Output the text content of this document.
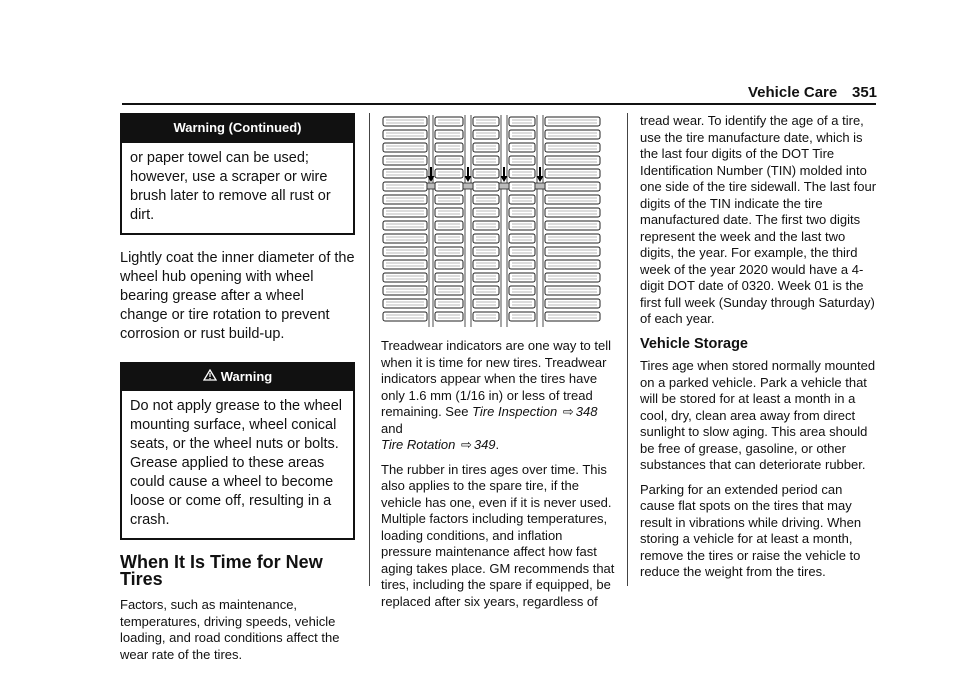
Vehicle Care 351
Warning (Continued)
or paper towel can be used; however, use a scraper or wire brush later to remove all rust or dirt.
Lightly coat the inner diameter of the wheel hub opening with wheel bearing grease after a wheel change or tire rotation to prevent corrosion or rust build-up.
Warning
Do not apply grease to the wheel mounting surface, wheel conical seats, or the wheel nuts or bolts. Grease applied to these areas could cause a wheel to become loose or come off, resulting in a crash.
When It Is Time for New Tires
Factors, such as maintenance, temperatures, driving speeds, vehicle loading, and road conditions affect the wear rate of the tires.

Treadwear indicators are one way to tell when it is time for new tires. Treadwear indicators appear when the tires have only 1.6 mm (1/16 in) or less of tread remaining. See Tire Inspection ⇨ 348 and
Tire Rotation ⇨ 349.

The rubber in tires ages over time. This also applies to the spare tire, if the vehicle has one, even if it is never used. Multiple factors including temperatures, loading conditions, and inflation pressure maintenance affect how fast aging takes place. GM recommends that tires, including the spare if equipped, be replaced after six years, regardless of

tread wear. To identify the age of a tire, use the tire manufacture date, which is the last four digits of the DOT Tire Identification Number (TIN) molded into one side of the tire sidewall. The last four digits of the TIN indicate the tire manufactured date. The first two digits represent the week and the last two digits, the year. For example, the third week of the year 2020 would have a 4-digit DOT date of 0320. Week 01 is the first full week (Sunday through Saturday) of each year.

Vehicle Storage

Tires age when stored normally mounted on a parked vehicle. Park a vehicle that will be stored for at least a month in a cool, dry, clean area away from direct sunlight to slow aging. This area should be free of grease, gasoline, or other substances that can deteriorate rubber.

Parking for an extended period can cause flat spots on the tires that may result in vibrations while driving. When storing a vehicle for at least a month, remove the tires or raise the vehicle to reduce the weight from the tires.
